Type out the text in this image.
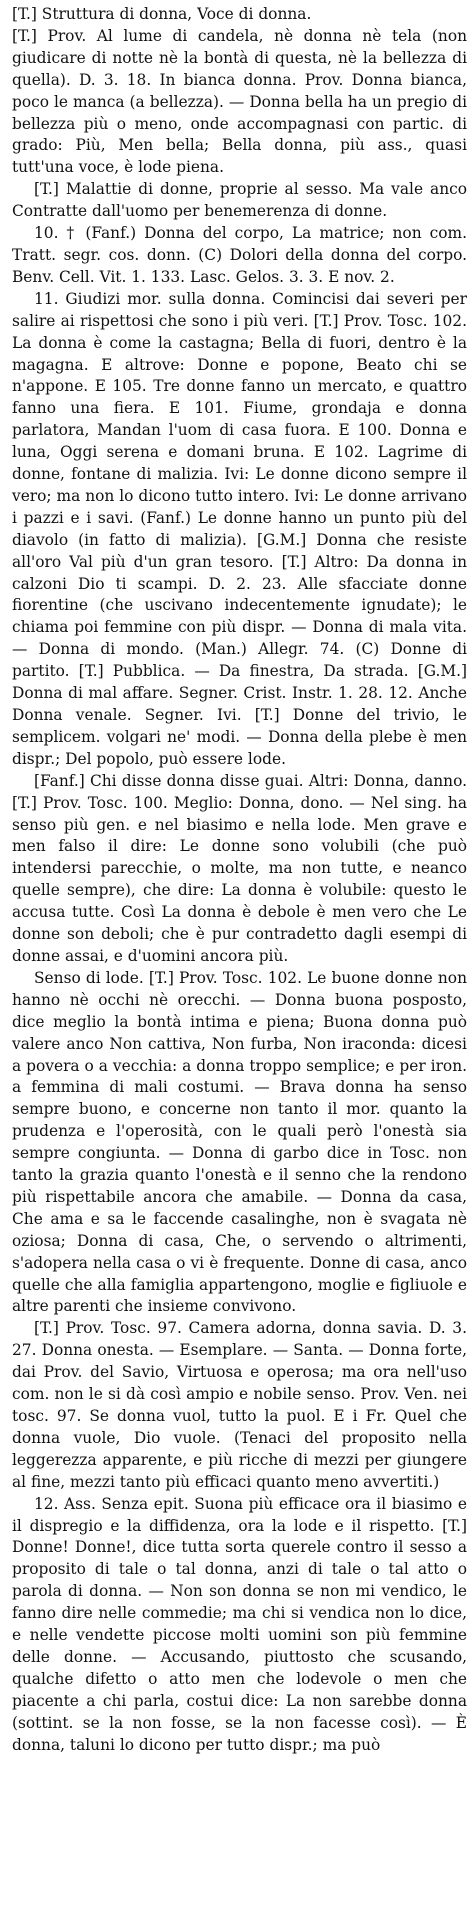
[T.] Struttura di donna, Voce di donna.

[T.] Prov. Al lume di candela, nè donna nè tela (non giudicare di notte nè la bontà di questa, nè la bellezza di quella). D. 3. 18. In bianca donna. Prov. Donna bianca, poco le manca (a bellezza). — Donna bella ha un pregio di bellezza più o meno, onde accompagnasi con partic. di grado: Più, Men bella; Bella donna, più ass., quasi tutt'una voce, è lode piena.

[T.] Malattie di donne, proprie al sesso. Ma vale anco Contratte dall'uomo per benemerenza di donne.

10. † (Fanf.) Donna del corpo, La matrice; non com. Tratt. segr. cos. donn. (C) Dolori della donna del corpo. Benv. Cell. Vit. 1. 133. Lasc. Gelos. 3. 3. E nov. 2.

11. Giudizi mor. sulla donna. Comincisi dai severi per salire ai rispettosi che sono i più veri. [T.] Prov. Tosc. 102. La donna è come la castagna; Bella di fuori, dentro è la magagna. E altrove: Donne e popone, Beato chi se n'appone. E 105. Tre donne fanno un mercato, e quattro fanno una fiera. E 101. Fiume, grondaja e donna parlatora, Mandan l'uom di casa fuora. E 100. Donna e luna, Oggi serena e domani bruna. E 102. Lagrime di donne, fontane di malizia. Ivi: Le donne dicono sempre il vero; ma non lo dicono tutto intero. Ivi: Le donne arrivano i pazzi e i savi. (Fanf.) Le donne hanno un punto più del diavolo (in fatto di malizia). [G.M.] Donna che resiste all'oro Val più d'un gran tesoro. [T.] Altro: Da donna in calzoni Dio ti scampi. D. 2. 23. Alle sfacciate donne fiorentine (che uscivano indecentemente ignudate); le chiama poi femmine con più dispr. — Donna di mala vita. — Donna di mondo. (Man.) Allegr. 74. (C) Donne di partito. [T.] Pubblica. — Da finestra, Da strada. [G.M.] Donna di mal affare. Segner. Crist. Instr. 1. 28. 12. Anche Donna venale. Segner. Ivi. [T.] Donne del trivio, le semplicem. volgari ne' modi. — Donna della plebe è men dispr.; Del popolo, può essere lode.

[Fanf.] Chi disse donna disse guai. Altri: Donna, danno. [T.] Prov. Tosc. 100. Meglio: Donna, dono. — Nel sing. ha senso più gen. e nel biasimo e nella lode. Men grave e men falso il dire: Le donne sono volubili (che può intendersi parecchie, o molte, ma non tutte, e neanco quelle sempre), che dire: La donna è volubile: questo le accusa tutte. Così La donna è debole è men vero che Le donne son deboli; che è pur contradetto dagli esempi di donne assai, e d'uomini ancora più.

Senso di lode. [T.] Prov. Tosc. 102. Le buone donne non hanno nè occhi nè orecchi. — Donna buona posposto, dice meglio la bontà intima e piena; Buona donna può valere anco Non cattiva, Non furba, Non iraconda: dicesi a povera o a vecchia: a donna troppo semplice; e per iron. a femmina di mali costumi. — Brava donna ha senso sempre buono, e concerne non tanto il mor. quanto la prudenza e l'operosità, con le quali però l'onestà sia sempre congiunta. — Donna di garbo dice in Tosc. non tanto la grazia quanto l'onestà e il senno che la rendono più rispettabile ancora che amabile. — Donna da casa, Che ama e sa le faccende casalinghe, non è svagata nè oziosa; Donna di casa, Che, o servendo o altrimenti, s'adopera nella casa o vi è frequente. Donne di casa, anco quelle che alla famiglia appartengono, moglie e figliuole e altre parenti che insieme convivono.

[T.] Prov. Tosc. 97. Camera adorna, donna savia. D. 3. 27. Donna onesta. — Esemplare. — Santa. — Donna forte, dai Prov. del Savio, Virtuosa e operosa; ma ora nell'uso com. non le si dà così ampio e nobile senso. Prov. Ven. nei tosc. 97. Se donna vuol, tutto la puol. E i Fr. Quel che donna vuole, Dio vuole. (Tenaci del proposito nella leggerezza apparente, e più ricche di mezzi per giungere al fine, mezzi tanto più efficaci quanto meno avvertiti.)

12. Ass. Senza epit. Suona più efficace ora il biasimo e il dispregio e la diffidenza, ora la lode e il rispetto. [T.] Donne! Donne!, dice tutta sorta querele contro il sesso a proposito di tale o tal donna, anzi di tale o tal atto o parola di donna. — Non son donna se non mi vendico, le fanno dire nelle commedie; ma chi si vendica non lo dice, e nelle vendette piccose molti uomini son più femmine delle donne. — Accusando, piuttosto che scusando, qualche difetto o atto men che lodevole o men che piacente a chi parla, costui dice: La non sarebbe donna (sottint. se la non fosse, se la non facesse così). — È donna, taluni lo dicono per tutto dispr.; ma può
